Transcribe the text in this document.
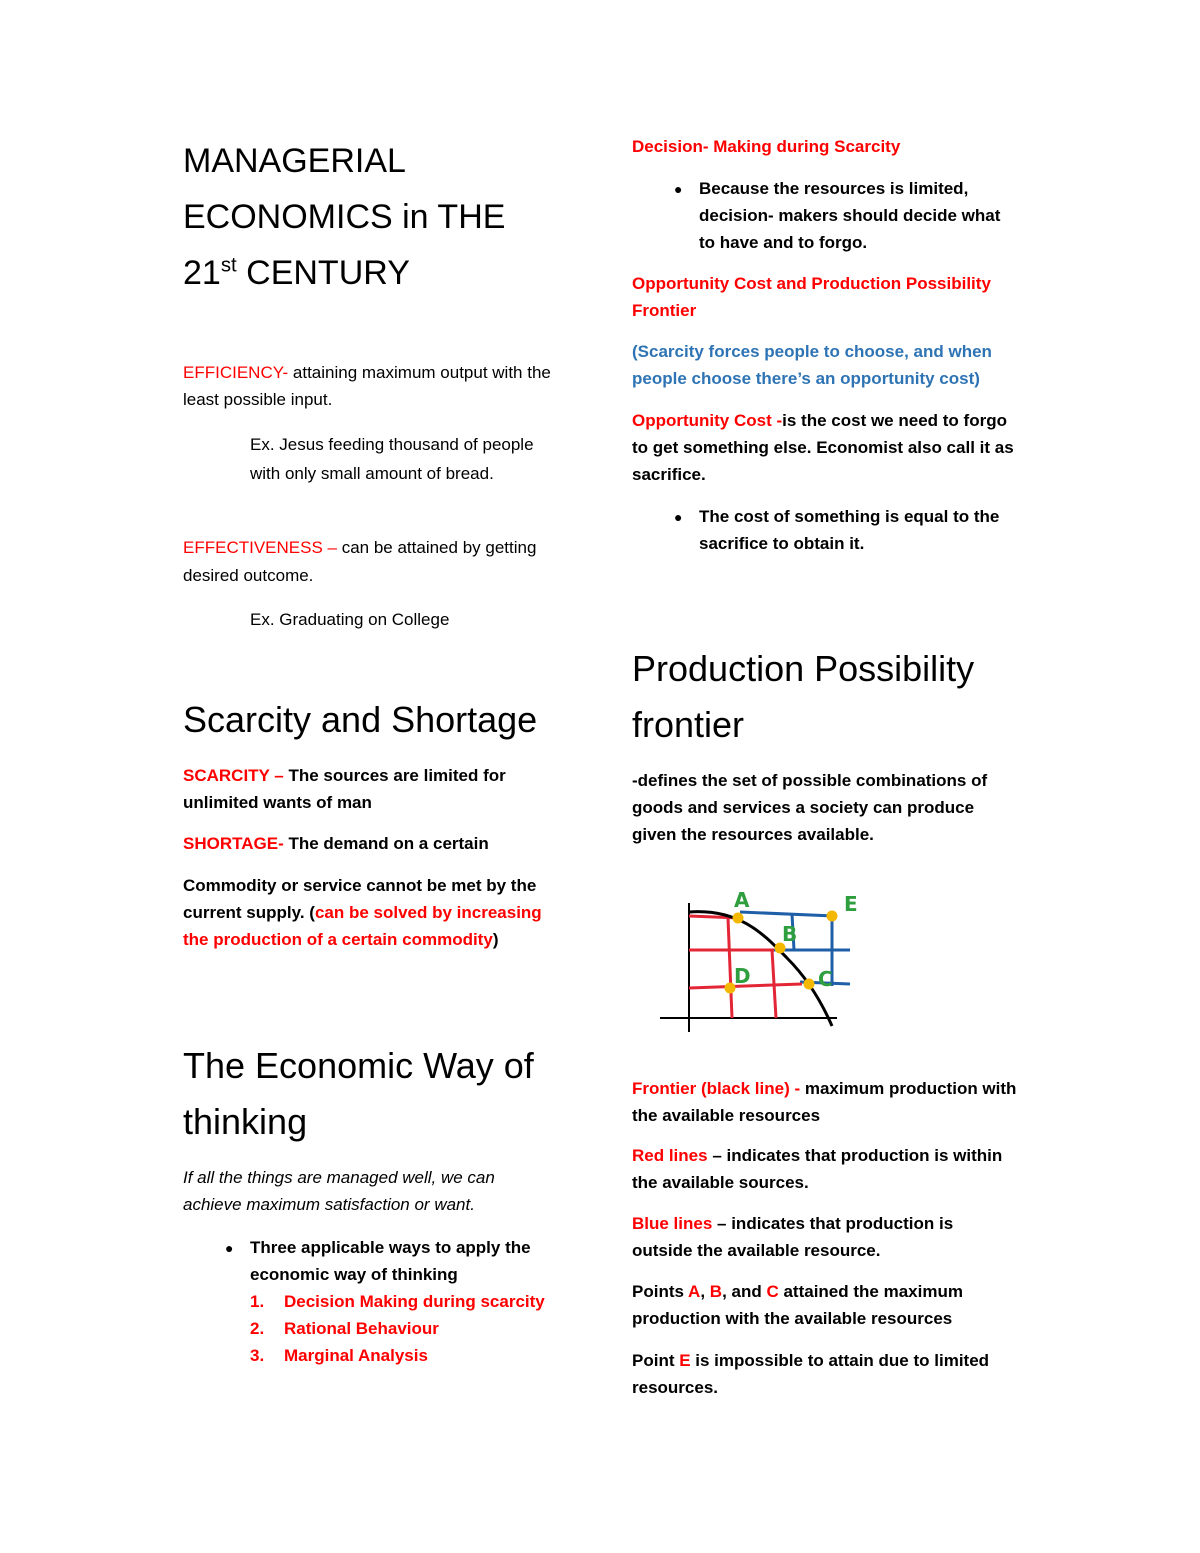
MANAGERIAL
ECONOMICS in THE
21st CENTURY

EFFICIENCY- attaining maximum output with the least possible input.

Ex. Jesus feeding thousand of people with only small amount of bread.

EFFECTIVENESS – can be attained by getting desired outcome.

Ex. Graduating on College

Scarcity and Shortage

SCARCITY – The sources are limited for unlimited wants of man

SHORTAGE- The demand on a certain

Commodity or service cannot be met by the current supply. (can be solved by increasing the production of a certain commodity)

The Economic Way of thinking

If all the things are managed well, we can achieve maximum satisfaction or want.

● Three applicable ways to apply the economic way of thinking

1. Decision Making during scarcity
2. Rational Behaviour
3. Marginal Analysis

Decision- Making during Scarcity

● Because the resources is limited, decision- makers should decide what to have and to forgo.

Opportunity Cost and Production Possibility Frontier

(Scarcity forces people to choose, and when people choose there’s an opportunity cost)

Opportunity Cost -is the cost we need to forgo to get something else. Economist also call it as sacrifice.

● The cost of something is equal to the sacrifice to obtain it.

Production Possibility frontier

-defines the set of possible combinations of goods and services a society can produce given the resources available.

A
B
C
D
E

Frontier (black line) - maximum production with the available resources

Red lines – indicates that production is within the available sources.

Blue lines – indicates that production is outside the available resource.

Points A, B, and C attained the maximum production with the available resources

Point E is impossible to attain due to limited resources.
